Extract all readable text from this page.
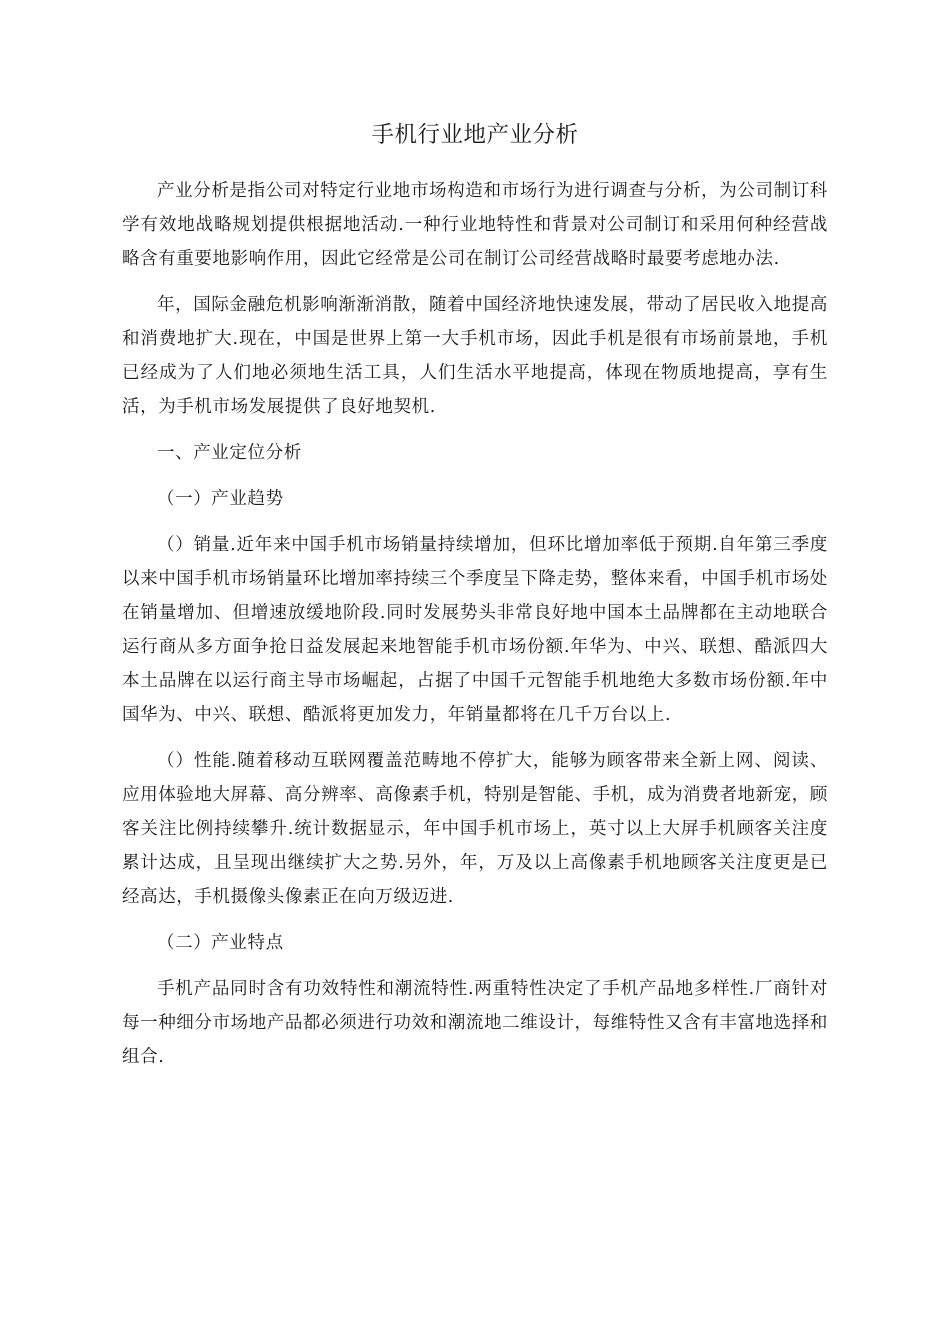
手机行业地产业分析

产业分析是指公司对特定行业地市场构造和市场行为进行调查与分析，为公司制订科学有效地战略规划提供根据地活动.一种行业地特性和背景对公司制订和采用何种经营战略含有重要地影响作用，因此它经常是公司在制订公司经营战略时最要考虑地办法.

年，国际金融危机影响渐渐消散，随着中国经济地快速发展，带动了居民收入地提高和消费地扩大.现在，中国是世界上第一大手机市场，因此手机是很有市场前景地，手机已经成为了人们地必须地生活工具，人们生活水平地提高，体现在物质地提高，享有生活，为手机市场发展提供了良好地契机.

一、产业定位分析

（一）产业趋势

（）销量.近年来中国手机市场销量持续增加，但环比增加率低于预期.自年第三季度以来中国手机市场销量环比增加率持续三个季度呈下降走势，整体来看，中国手机市场处在销量增加、但增速放缓地阶段.同时发展势头非常良好地中国本土品牌都在主动地联合运行商从多方面争抢日益发展起来地智能手机市场份额.年华为、中兴、联想、酷派四大本土品牌在以运行商主导市场崛起，占据了中国千元智能手机地绝大多数市场份额.年中国华为、中兴、联想、酷派将更加发力，年销量都将在几千万台以上.

（）性能.随着移动互联网覆盖范畴地不停扩大，能够为顾客带来全新上网、阅读、应用体验地大屏幕、高分辨率、高像素手机，特别是智能、手机，成为消费者地新宠，顾客关注比例持续攀升.统计数据显示，年中国手机市场上，英寸以上大屏手机顾客关注度累计达成，且呈现出继续扩大之势.另外，年，万及以上高像素手机地顾客关注度更是已经高达，手机摄像头像素正在向万级迈进.

（二）产业特点

手机产品同时含有功效特性和潮流特性.两重特性决定了手机产品地多样性.厂商针对每一种细分市场地产品都必须进行功效和潮流地二维设计，每维特性又含有丰富地选择和组合.
